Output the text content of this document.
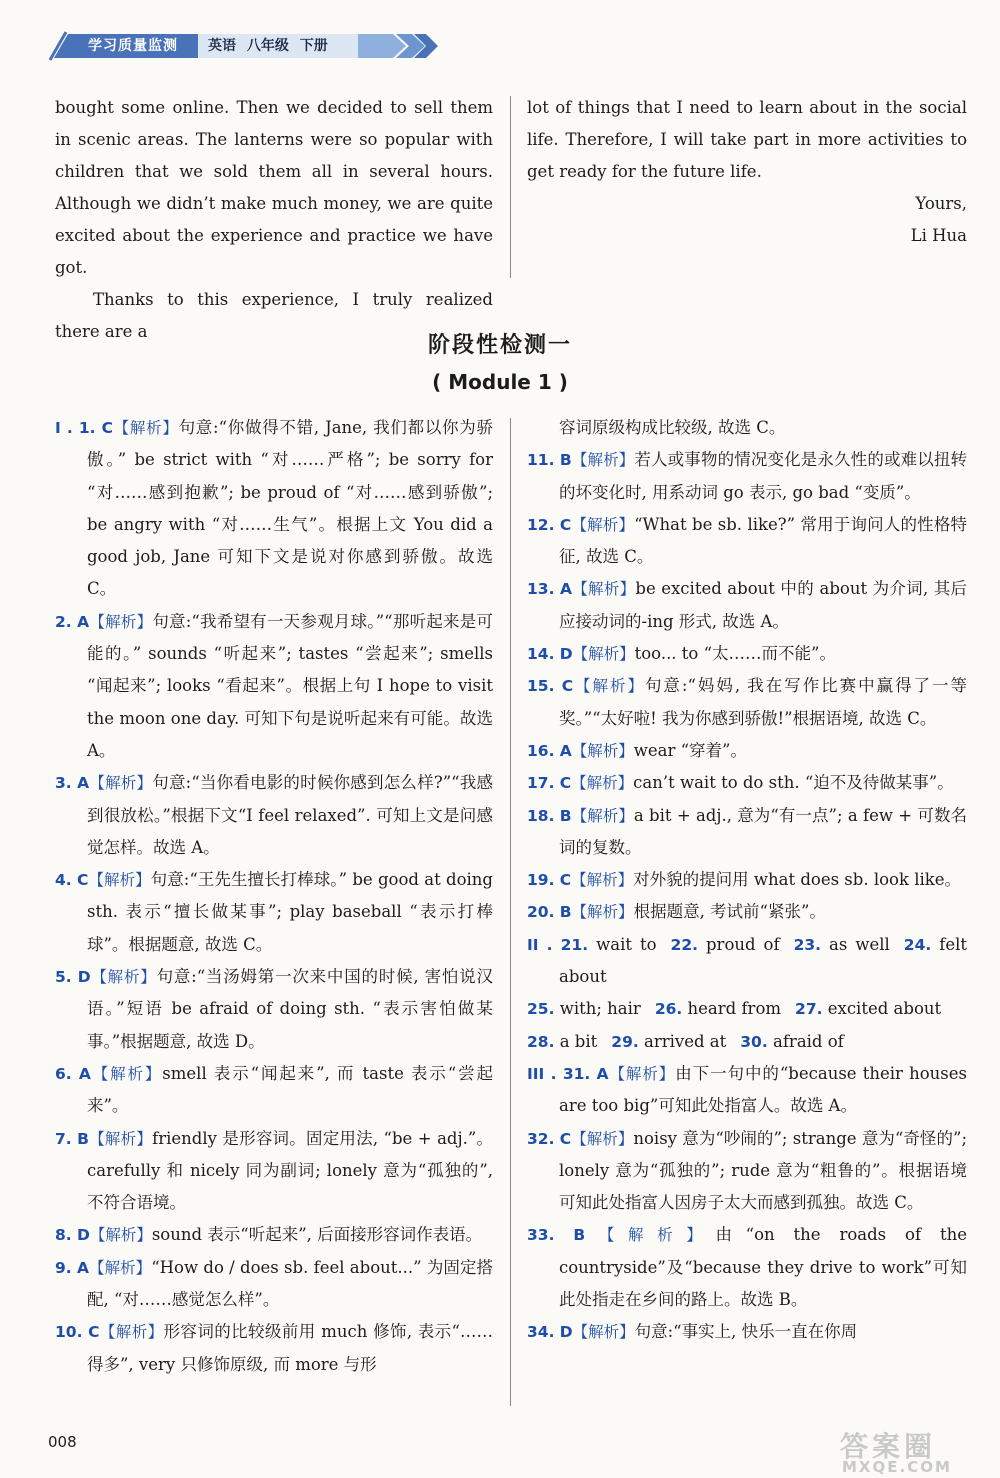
学习质量监测 英语 八年级 下册

bought some online. Then we decided to sell them in scenic areas. The lanterns were so popular with children that we sold them all in several hours. Although we didn’t make much money, we are quite excited about the experience and practice we have got.

Thanks to this experience, I truly realized there are a

lot of things that I need to learn about in the social life. Therefore, I will take part in more activities to get ready for the future life.

Yours,

Li Hua

阶段性检测一
( Module 1 )

I . 1. C【解析】句意:“你做得不错, Jane, 我们都以你为骄傲。” be strict with “对……严格”; be sorry for “对……感到抱歉”; be proud of “对……感到骄傲”; be angry with “对……生气”。根据上文 You did a good job, Jane 可知下文是说对你感到骄傲。故选 C。

2. A【解析】句意:“我希望有一天参观月球。”“那听起来是可能的。” sounds “听起来”; tastes “尝起来”; smells “闻起来”; looks “看起来”。根据上句 I hope to visit the moon one day. 可知下句是说听起来有可能。故选 A。

3. A【解析】句意:“当你看电影的时候你感到怎么样?”“我感到很放松。”根据下文“I feel relaxed”. 可知上文是问感觉怎样。故选 A。

4. C【解析】句意:“王先生擅长打棒球。” be good at doing sth. 表示“擅长做某事”; play baseball “表示打棒球”。根据题意, 故选 C。

5. D【解析】句意:“当汤姆第一次来中国的时候, 害怕说汉语。”短语 be afraid of doing sth. “表示害怕做某事。”根据题意, 故选 D。

6. A【解析】smell 表示“闻起来”, 而 taste 表示“尝起来”。

7. B【解析】friendly 是形容词。固定用法, “be + adj.”。carefully 和 nicely 同为副词; lonely 意为“孤独的”, 不符合语境。

8. D【解析】sound 表示“听起来”, 后面接形容词作表语。

9. A【解析】“How do / does sb. feel about...” 为固定搭配, “对……感觉怎么样”。

10. C【解析】形容词的比较级前用 much 修饰, 表示“……得多”, very 只修饰原级, 而 more 与形

容词原级构成比较级, 故选 C。

11. B【解析】若人或事物的情况变化是永久性的或难以扭转的坏变化时, 用系动词 go 表示, go bad “变质”。

12. C【解析】“What be sb. like?” 常用于询问人的性格特征, 故选 C。

13. A【解析】be excited about 中的 about 为介词, 其后应接动词的-ing 形式, 故选 A。

14. D【解析】too... to “太……而不能”。

15. C【解析】句意:“妈妈, 我在写作比赛中赢得了一等奖。”“太好啦! 我为你感到骄傲!”根据语境, 故选 C。

16. A【解析】wear “穿着”。

17. C【解析】can’t wait to do sth. “迫不及待做某事”。

18. B【解析】a bit + adj., 意为“有一点”; a few + 可数名词的复数。

19. C【解析】对外貌的提问用 what does sb. look like。

20. B【解析】根据题意, 考试前“紧张”。

II . 21. wait to 22. proud of 23. as well 24. felt about

25. with; hair 26. heard from 27. excited about

28. a bit 29. arrived at 30. afraid of

III . 31. A【解析】由下一句中的“because their houses are too big”可知此处指富人。故选 A。

32. C【解析】noisy 意为“吵闹的”; strange 意为“奇怪的”; lonely 意为“孤独的”; rude 意为“粗鲁的”。根据语境可知此处指富人因房子太大而感到孤独。故选 C。

33. B【解析】由“on the roads of the countryside”及“because they drive to work”可知此处指走在乡间的路上。故选 B。

34. D【解析】句意:“事实上, 快乐一直在你周

008	答案圈
MXQE.COM
